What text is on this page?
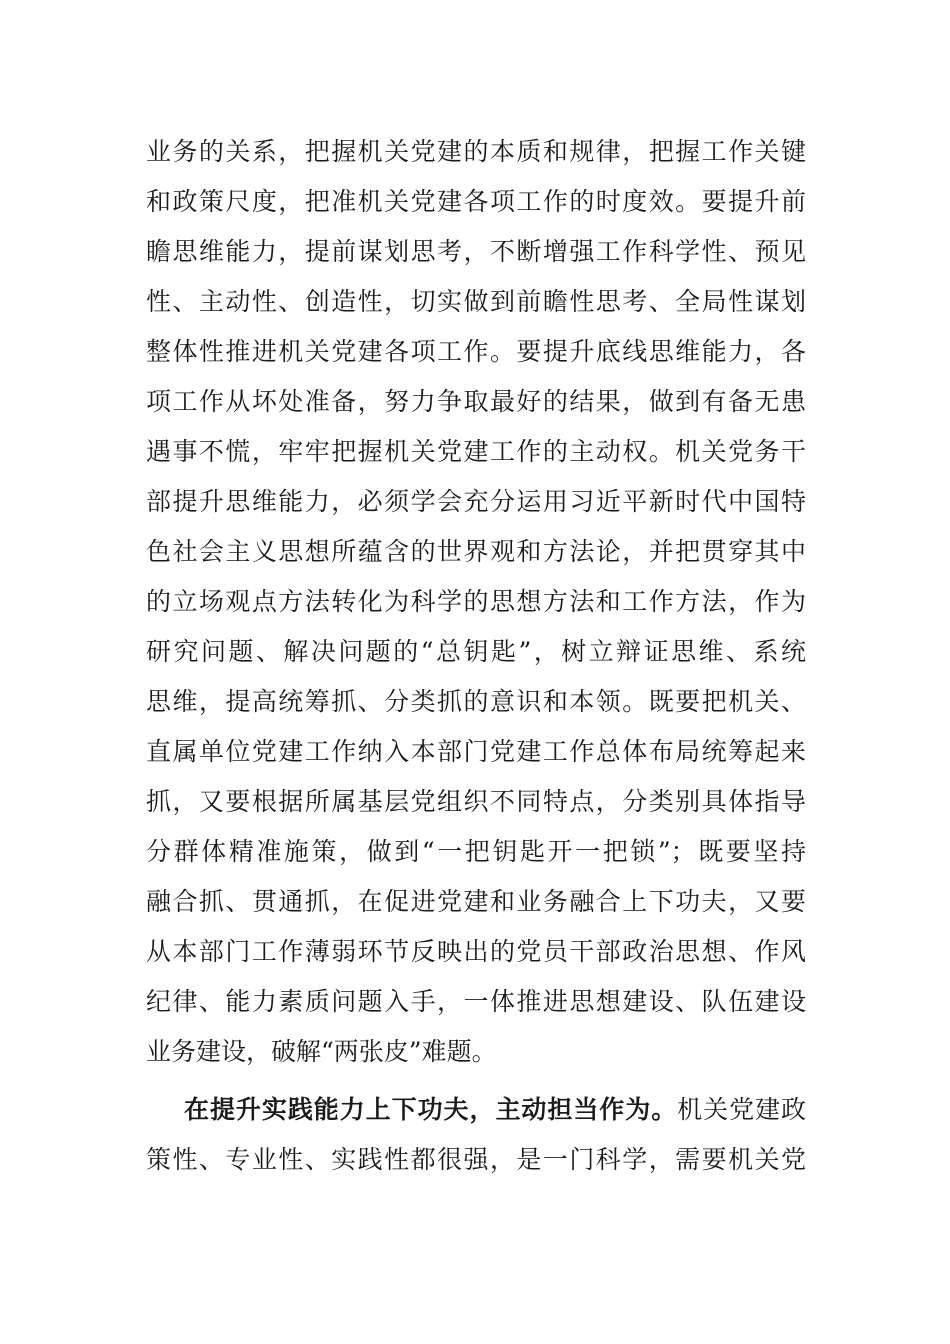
业务的关系，把握机关党建的本质和规律，把握工作关键
和政策尺度，把准机关党建各项工作的时度效。要提升前
瞻思维能力，提前谋划思考，不断增强工作科学性、预见
性、主动性、创造性，切实做到前瞻性思考、全局性谋划
整体性推进机关党建各项工作。要提升底线思维能力，各
项工作从坏处准备，努力争取最好的结果，做到有备无患
遇事不慌，牢牢把握机关党建工作的主动权。机关党务干
部提升思维能力，必须学会充分运用习近平新时代中国特
色社会主义思想所蕴含的世界观和方法论，并把贯穿其中
的立场观点方法转化为科学的思想方法和工作方法，作为
研究问题、解决问题的“总钥匙”，树立辩证思维、系统
思维，提高统筹抓、分类抓的意识和本领。既要把机关、
直属单位党建工作纳入本部门党建工作总体布局统筹起来
抓，又要根据所属基层党组织不同特点，分类别具体指导
分群体精准施策，做到“一把钥匙开一把锁”；既要坚持
融合抓、贯通抓，在促进党建和业务融合上下功夫，又要
从本部门工作薄弱环节反映出的党员干部政治思想、作风
纪律、能力素质问题入手，一体推进思想建设、队伍建设
业务建设，破解“两张皮”难题。
在提升实践能力上下功夫，主动担当作为。机关党建政
策性、专业性、实践性都很强，是一门科学，需要机关党
